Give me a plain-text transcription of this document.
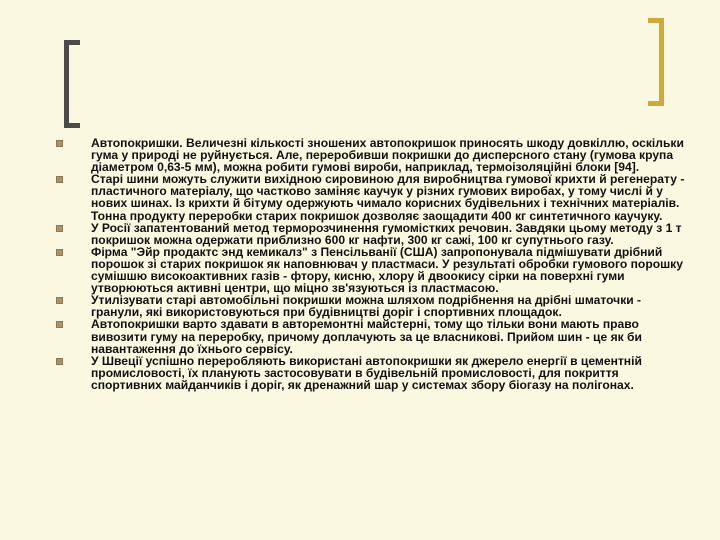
Автопокришки. Величезні кількості зношених автопокришок приносять шкоду довкіллю, оскільки гума у природі не руйнується. Але, переробивши покришки до дисперсного стану (гумова крупа діаметром 0,63-5 мм), можна робити гумові вироби, наприклад, термоізоляційні блоки [94].
Старі шини можуть служити вихідною сировиною для виробництва гумової крихти й регенерату - пластичного матеріалу, що частково заміняє каучук у різних гумових виробах, у тому числі й у нових шинах. Із крихти й бітуму одержують чимало корисних будівельних і технічних матеріалів. Тонна продукту переробки старих покришок дозволяє заощадити 400 кг синтетичного каучуку.
У Росії запатентований метод терморозчинення гумомістких речовин. Завдяки цьому методу з 1 т покришок можна одержати приблизно 600 кг нафти, 300 кг сажі, 100 кг супутнього газу.
Фірма "Эйр продактс энд кемикалз" з Пенсільванії (США) запропонувала підмішувати дрібний порошок зі старих покришок як наповнювач у пластмаси. У результаті обробки гумового порошку сумішшю високоактивних газів - фтору, кисню, хлору й двоокису сірки на поверхні гуми утворюються активні центри, що міцно зв'язуються із пластмасою.
Утилізувати старі автомобільні покришки можна шляхом подрібнення на дрібні шматочки - гранули, які використовуються при будівництві доріг і спортивних площадок.
Автопокришки варто здавати в авторемонтні майстерні, тому що тільки вони мають право вивозити гуму на переробку, причому доплачують за це власникові. Прийом шин - це як би навантаження до їхнього сервісу.
У Швеції успішно переробляють використані автопокришки як джерело енергії в цементній промисловості, їх планують застосовувати в будівельній промисловості, для покриття спортивних майданчиків і доріг, як дренажний шар у системах збору біогазу на полігонах.
